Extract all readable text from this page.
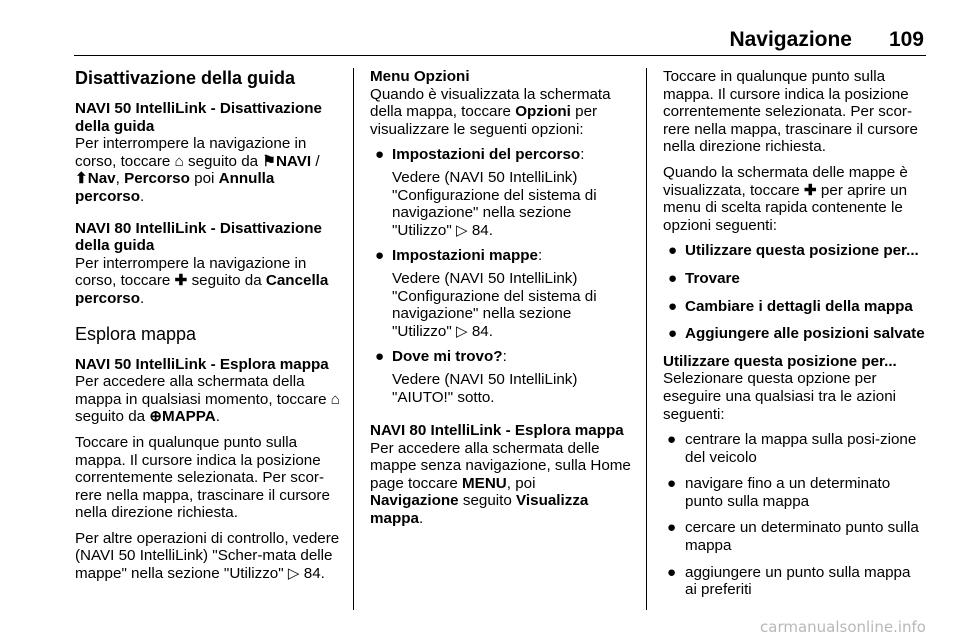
Navigazione 109
Disattivazione della guida

NAVI 50 IntelliLink - Disattivazione della guida

Per interrompere la navigazione in corso, toccare ⌂ seguito da ⚑NAVI /
⬆Nav, Percorso poi Annulla percorso.

NAVI 80 IntelliLink - Disattivazione della guida

Per interrompere la navigazione in corso, toccare ✚ seguito da Cancella percorso.

Esplora mappa

NAVI 50 IntelliLink - Esplora mappa

Per accedere alla schermata della mappa in qualsiasi momento, toccare ⌂ seguito da ⊕MAPPA.

Toccare in qualunque punto sulla mappa. Il cursore indica la posizione correntemente selezionata. Per scor-rere nella mappa, trascinare il cursore nella direzione richiesta.

Per altre operazioni di controllo, vedere (NAVI 50 IntelliLink) "Scher-mata delle mappe" nella sezione "Utilizzo" ▷ 84.

Menu Opzioni

Quando è visualizzata la schermata della mappa, toccare Opzioni per visualizzare le seguenti opzioni:

● Impostazioni del percorso:
Vedere (NAVI 50 IntelliLink) "Configurazione del sistema di navigazione" nella sezione "Utilizzo" ▷ 84.
● Impostazioni mappe:
Vedere (NAVI 50 IntelliLink) "Configurazione del sistema di navigazione" nella sezione "Utilizzo" ▷ 84.
● Dove mi trovo?:
Vedere (NAVI 50 IntelliLink) "AIUTO!" sotto.

NAVI 80 IntelliLink - Esplora mappa

Per accedere alla schermata delle mappe senza navigazione, sulla Home page toccare MENU, poi
Navigazione seguito Visualizza mappa.

Toccare in qualunque punto sulla mappa. Il cursore indica la posizione correntemente selezionata. Per scor-rere nella mappa, trascinare il cursore nella direzione richiesta.

Quando la schermata delle mappe è visualizzata, toccare ✚ per aprire un menu di scelta rapida contenente le opzioni seguenti:

● Utilizzare questa posizione per...
● Trovare
● Cambiare i dettagli della mappa
● Aggiungere alle posizioni salvate

Utilizzare questa posizione per...

Selezionare questa opzione per eseguire una qualsiasi tra le azioni seguenti:

● centrare la mappa sulla posi-zione del veicolo
● navigare fino a un determinato punto sulla mappa
● cercare un determinato punto sulla mappa
● aggiungere un punto sulla mappa ai preferiti
carmanualsonline.info
